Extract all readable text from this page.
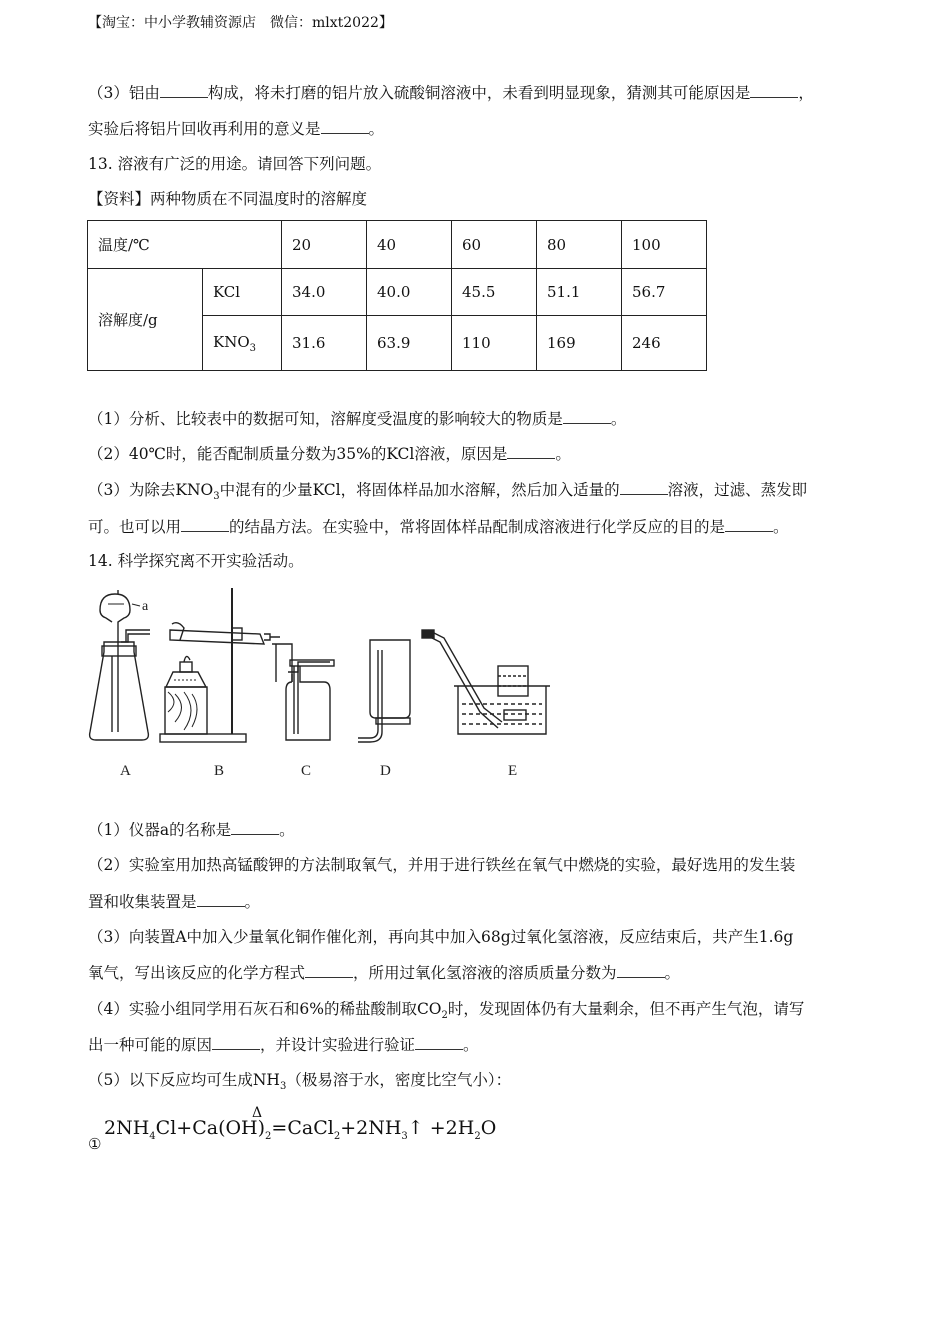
【淘宝：中小学教辅资源店　微信：mlxt2022】
（3）铝由	构成，将未打磨的铝片放入硫酸铜溶液中，未看到明显现象，猜测其可能原因是	，
实验后将铝片回收再利用的意义是	。
13. 溶液有广泛的用途。请回答下列问题。
【资料】两种物质在不同温度时的溶解度
温度/℃		20	40	60	80	100
溶解度/g	KCl	34.0	40.0	45.5	51.1	56.7
	$KNO_3$	31.6	63.9	110	169	246
（1）分析、比较表中的数据可知，溶解度受温度的影响较大的物质是	。
（2）40℃时，能否配制质量分数为35%的KCl溶液，原因是	。
（3）为除去$KNO_3$中混有的少量KCl，将固体样品加水溶解，然后加入适量的	溶液，过滤、蒸发即
可。也可以用	的结晶方法。在实验中，常将固体样品配制成溶液进行化学反应的目的是	。
14. 科学探究离不开实验活动。
a
A	B	C	D	E
（1）仪器a的名称是	。
（2）实验室用加热高锰酸钾的方法制取氧气，并用于进行铁丝在氧气中燃烧的实验，最好选用的发生装
置和收集装置是	。
（3）向装置A中加入少量氧化铜作催化剂，再向其中加入68g过氧化氢溶液，反应结束后，共产生1.6g
氧气，写出该反应的化学方程式	，所用过氧化氢溶液的溶质质量分数为	。
（4）实验小组同学用石灰石和6%的稀盐酸制取$CO_2$时，发现固体仍有大量剩余，但不再产生气泡，请写
出一种可能的原因	，并设计实验进行验证	。
（5）以下反应均可生成$NH_3$（极易溶于水，密度比空气小）：
①
Δ
$2NH_4Cl+Ca(OH)_2=CaCl_2+2NH_3↑ +2H_2O$
